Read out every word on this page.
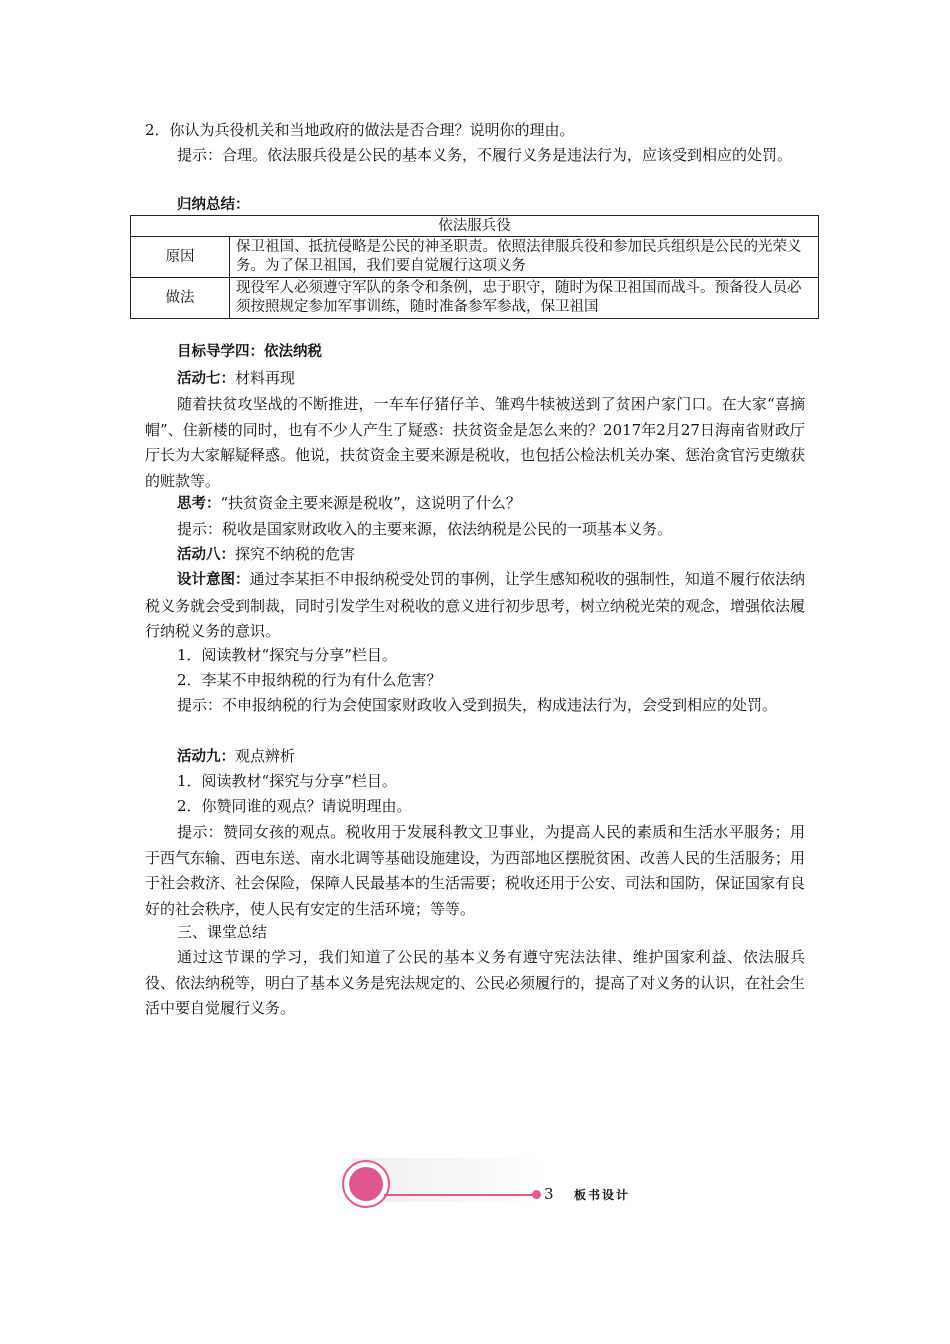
2．你认为兵役机关和当地政府的做法是否合理？说明你的理由。

提示：合理。依法服兵役是公民的基本义务，不履行义务是违法行为，应该受到相应的处罚。

归纳总结：

依法服兵役	
原因	保卫祖国、抵抗侵略是公民的神圣职责。依照法律服兵役和参加民兵组织是公民的光荣义务。为了保卫祖国，我们要自觉履行这项义务
做法	现役军人必须遵守军队的条令和条例，忠于职守，随时为保卫祖国而战斗。预备役人员必须按照规定参加军事训练，随时准备参军参战，保卫祖国

目标导学四：依法纳税

活动七：材料再现

随着扶贫攻坚战的不断推进，一车车仔猪仔羊、雏鸡牛犊被送到了贫困户家门口。在大家“喜摘帽”、住新楼的同时，也有不少人产生了疑惑：扶贫资金是怎么来的？2017年2月27日海南省财政厅厅长为大家解疑释惑。他说，扶贫资金主要来源是税收，也包括公检法机关办案、惩治贪官污吏缴获的赃款等。

思考：“扶贫资金主要来源是税收”，这说明了什么？

提示：税收是国家财政收入的主要来源，依法纳税是公民的一项基本义务。

活动八：探究不纳税的危害

设计意图：通过李某拒不申报纳税受处罚的事例，让学生感知税收的强制性，知道不履行依法纳税义务就会受到制裁，同时引发学生对税收的意义进行初步思考，树立纳税光荣的观念，增强依法履行纳税义务的意识。

1．阅读教材“探究与分享”栏目。

2．李某不申报纳税的行为有什么危害？

提示：不申报纳税的行为会使国家财政收入受到损失，构成违法行为，会受到相应的处罚。

活动九：观点辨析

1．阅读教材“探究与分享”栏目。

2．你赞同谁的观点？请说明理由。

提示：赞同女孩的观点。税收用于发展科教文卫事业，为提高人民的素质和生活水平服务；用于西气东输、西电东送、南水北调等基础设施建设，为西部地区摆脱贫困、改善人民的生活服务；用于社会救济、社会保险，保障人民最基本的生活需要；税收还用于公安、司法和国防，保证国家有良好的社会秩序，使人民有安定的生活环境；等等。

三、课堂总结

通过这节课的学习，我们知道了公民的基本义务有遵守宪法法律、维护国家利益、依法服兵役、依法纳税等，明白了基本义务是宪法规定的、公民必须履行的，提高了对义务的认识，在社会生活中要自觉履行义务。

3 板书设计
